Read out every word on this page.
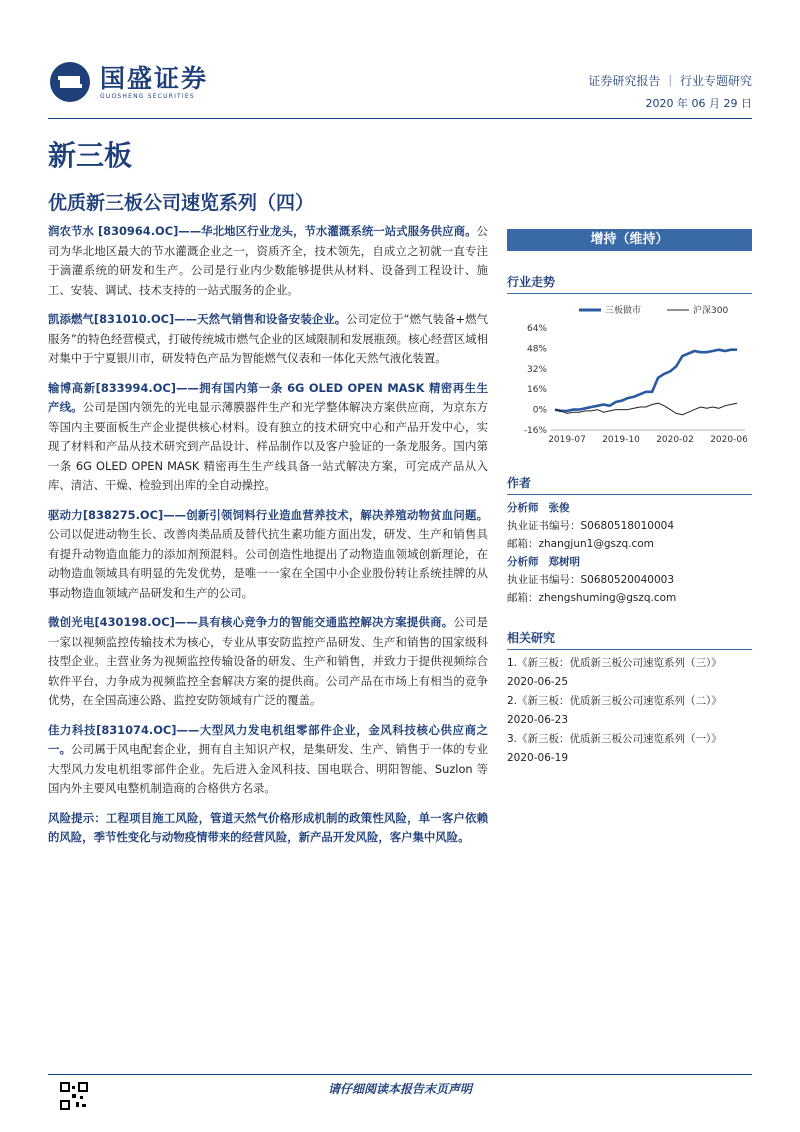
国盛证券
GUOSHENG SECURITIES
证券研究报告 ｜ 行业专题研究
2020 年 06 月 29 日
新三板
优质新三板公司速览系列（四）

润农节水 [830964.OC]——华北地区行业龙头，节水灌溉系统一站式服务供应商。公司为华北地区最大的节水灌溉企业之一，资质齐全，技术领先，自成立之初就一直专注于滴灌系统的研发和生产。公司是行业内少数能够提供从材料、设备到工程设计、施工、安装、调试、技术支持的一站式服务的企业。

凯添燃气[831010.OC]——天然气销售和设备安装企业。公司定位于“燃气装备+燃气服务”的特色经营模式，打破传统城市燃气企业的区域限制和发展瓶颈。核心经营区域相对集中于宁夏银川市，研发特色产品为智能燃气仪表和一体化天然气液化装置。

输博高新[833994.OC]——拥有国内第一条 6G OLED OPEN MASK 精密再生生产线。公司是国内领先的光电显示薄膜器件生产和光学整体解决方案供应商，为京东方等国内主要面板生产企业提供核心材料。设有独立的技术研究中心和产品开发中心，实现了材料和产品从技术研究到产品设计、样品制作以及客户验证的一条龙服务。国内第一条 6G OLED OPEN MASK 精密再生生产线具备一站式解决方案，可完成产品从入库、清洁、干燥、检验到出库的全自动操控。

驱动力[838275.OC]——创新引领饲料行业造血营养技术，解决养殖动物贫血问题。公司以促进动物生长、改善肉类品质及替代抗生素功能方面出发，研发、生产和销售具有提升动物造血能力的添加剂预混料。公司创造性地提出了动物造血领域创新理论，在动物造血领域具有明显的先发优势，是唯一一家在全国中小企业股份转让系统挂牌的从事动物造血领域产品研发和生产的公司。

微创光电[430198.OC]——具有核心竞争力的智能交通监控解决方案提供商。公司是一家以视频监控传输技术为核心，专业从事安防监控产品研发、生产和销售的国家级科技型企业。主营业务为视频监控传输设备的研发、生产和销售，并致力于提供视频综合软件平台，力争成为视频监控全套解决方案的提供商。公司产品在市场上有相当的竞争优势，在全国高速公路、监控安防领域有广泛的覆盖。

佳力科技[831074.OC]——大型风力发电机组零部件企业，金风科技核心供应商之一。公司属于风电配套企业，拥有自主知识产权，是集研发、生产、销售于一体的专业大型风力发电机组零部件企业。先后进入金风科技、国电联合、明阳智能、Suzlon 等国内外主要风电整机制造商的合格供方名录。

风险提示：工程项目施工风险，管道天然气价格形成机制的政策性风险，单一客户依赖的风险，季节性变化与动物疫情带来的经营风险，新产品开发风险，客户集中风险。

增持（维持）
行业走势
64%
48%
32%
16%
0%
-16%
2019-07 2019-10 2020-02 2020-06
三板做市	沪深300
作者
分析师 张俊
执业证书编号：S0680518010004
邮箱：zhangjun1@gszq.com
分析师 郑树明
执业证书编号：S0680520040003
邮箱：zhengshuming@gszq.com
相关研究
1.《新三板：优质新三板公司速览系列（三）》2020-06-25
2.《新三板：优质新三板公司速览系列（二）》2020-06-23
3.《新三板：优质新三板公司速览系列（一）》2020-06-19
请仔细阅读本报告末页声明
